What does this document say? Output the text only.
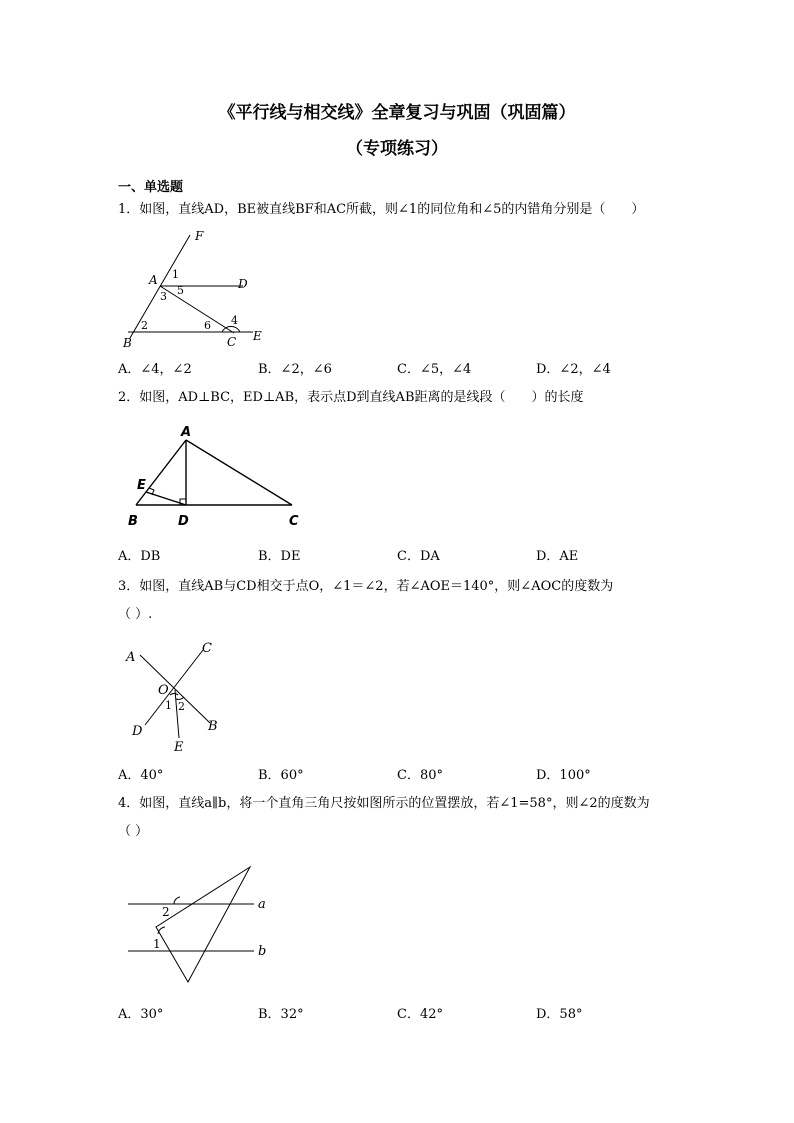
《平行线与相交线》全章复习与巩固（巩固篇）
（专项练习）
一、单选题
1．如图，直线AD，BE被直线BF和AC所截，则∠1的同位角和∠5的内错角分别是（　　）
F
A 1
D
5
3
2	6 4
E
B	C
A．∠4，∠2	B．∠2，∠6	C．∠5，∠4	D．∠2，∠4
2．如图，AD⊥BC，ED⊥AB，表示点D到直线AB距离的是线段（　　）的长度
A
E
B	D	C
A．DB	B．DE	C．DA	D．AE
3．如图，直线AB与CD相交于点O，∠1＝∠2，若∠AOE＝140°，则∠AOC的度数为
（ ）.
A
C
O
1 2
D	B
E
A．40°	B．60°	C．80°	D．100°
4．如图，直线a∥b，将一个直角三角尺按如图所示的位置摆放，若∠1=58°，则∠2的度数为
（ ）
2	a
1	b
A．30°	B．32°	C．42°	D．58°
